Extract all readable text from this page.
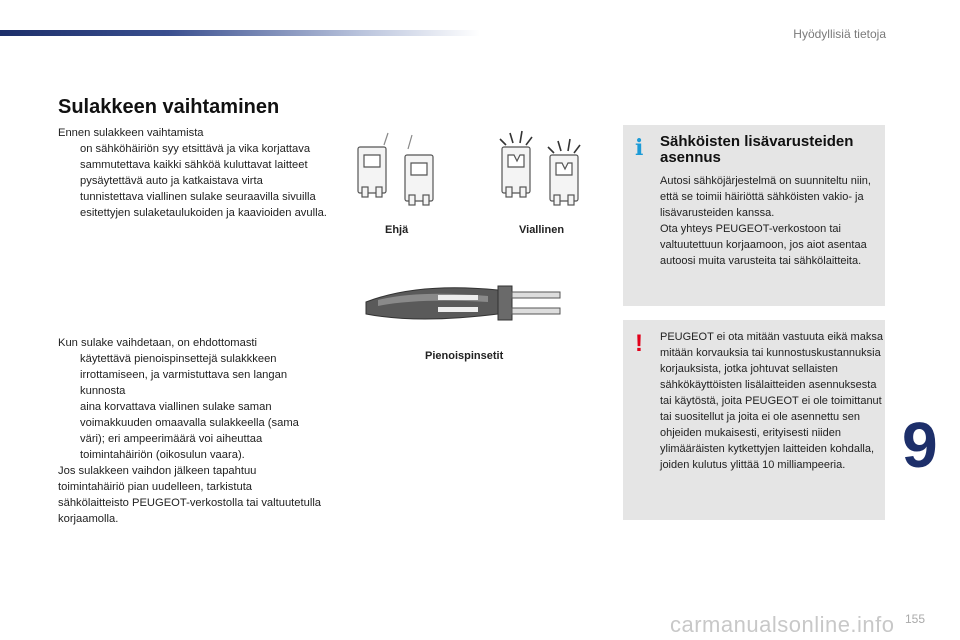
Hyödyllisiä tietoja
Sulakkeen vaihtaminen

Ennen sulakkeen vaihtamista

on sähköhäiriön syy etsittävä ja vika korjattava

sammutettava kaikki sähköä kuluttavat laitteet

pysäytettävä auto ja katkaistava virta

tunnistettava viallinen sulake seuraavilla sivuilla esitettyjen sulaketaulukoiden ja kaavioiden avulla.

Kun sulake vaihdetaan, on ehdottomasti

käytettävä pienoispinsettejä sulakkkeen irrottamiseen, ja varmistuttava sen langan kunnosta

aina korvattava viallinen sulake saman voimakkuuden omaavalla sulakkeella (sama väri); eri ampeerimäärä voi aiheuttaa toimintahäiriön (oikosulun vaara).

Jos sulakkeen vaihdon jälkeen tapahtuu toimintahäiriö pian uudelleen, tarkistuta sähkölaitteisto PEUGEOT-verkostolla tai valtuutetulla korjaamolla.

Ehjä	Viallinen
Pienoispinsetit
i Sähköisten lisävarusteiden asennus
Autosi sähköjärjestelmä on suunniteltu niin, että se toimii häiriöttä sähköisten vakio- ja lisävarusteiden kanssa.
Ota yhteys PEUGEOT-verkostoon tai valtuutettuun korjaamoon, jos aiot asentaa autoosi muita varusteita tai sähkölaitteita.
! PEUGEOT ei ota mitään vastuuta eikä maksa mitään korvauksia tai kunnostuskustannuksia korjauksista, jotka johtuvat sellaisten sähkökäyttöisten lisälaitteiden asennuksesta tai käytöstä, joita PEUGEOT ei ole toimittanut tai suositellut ja joita ei ole asennettu sen ohjeiden mukaisesti, erityisesti niiden ylimääräisten kytkettyjen laitteiden kohdalla, joiden kulutus ylittää 10 milliampeeria. 9
carmanualsonline.info 155
